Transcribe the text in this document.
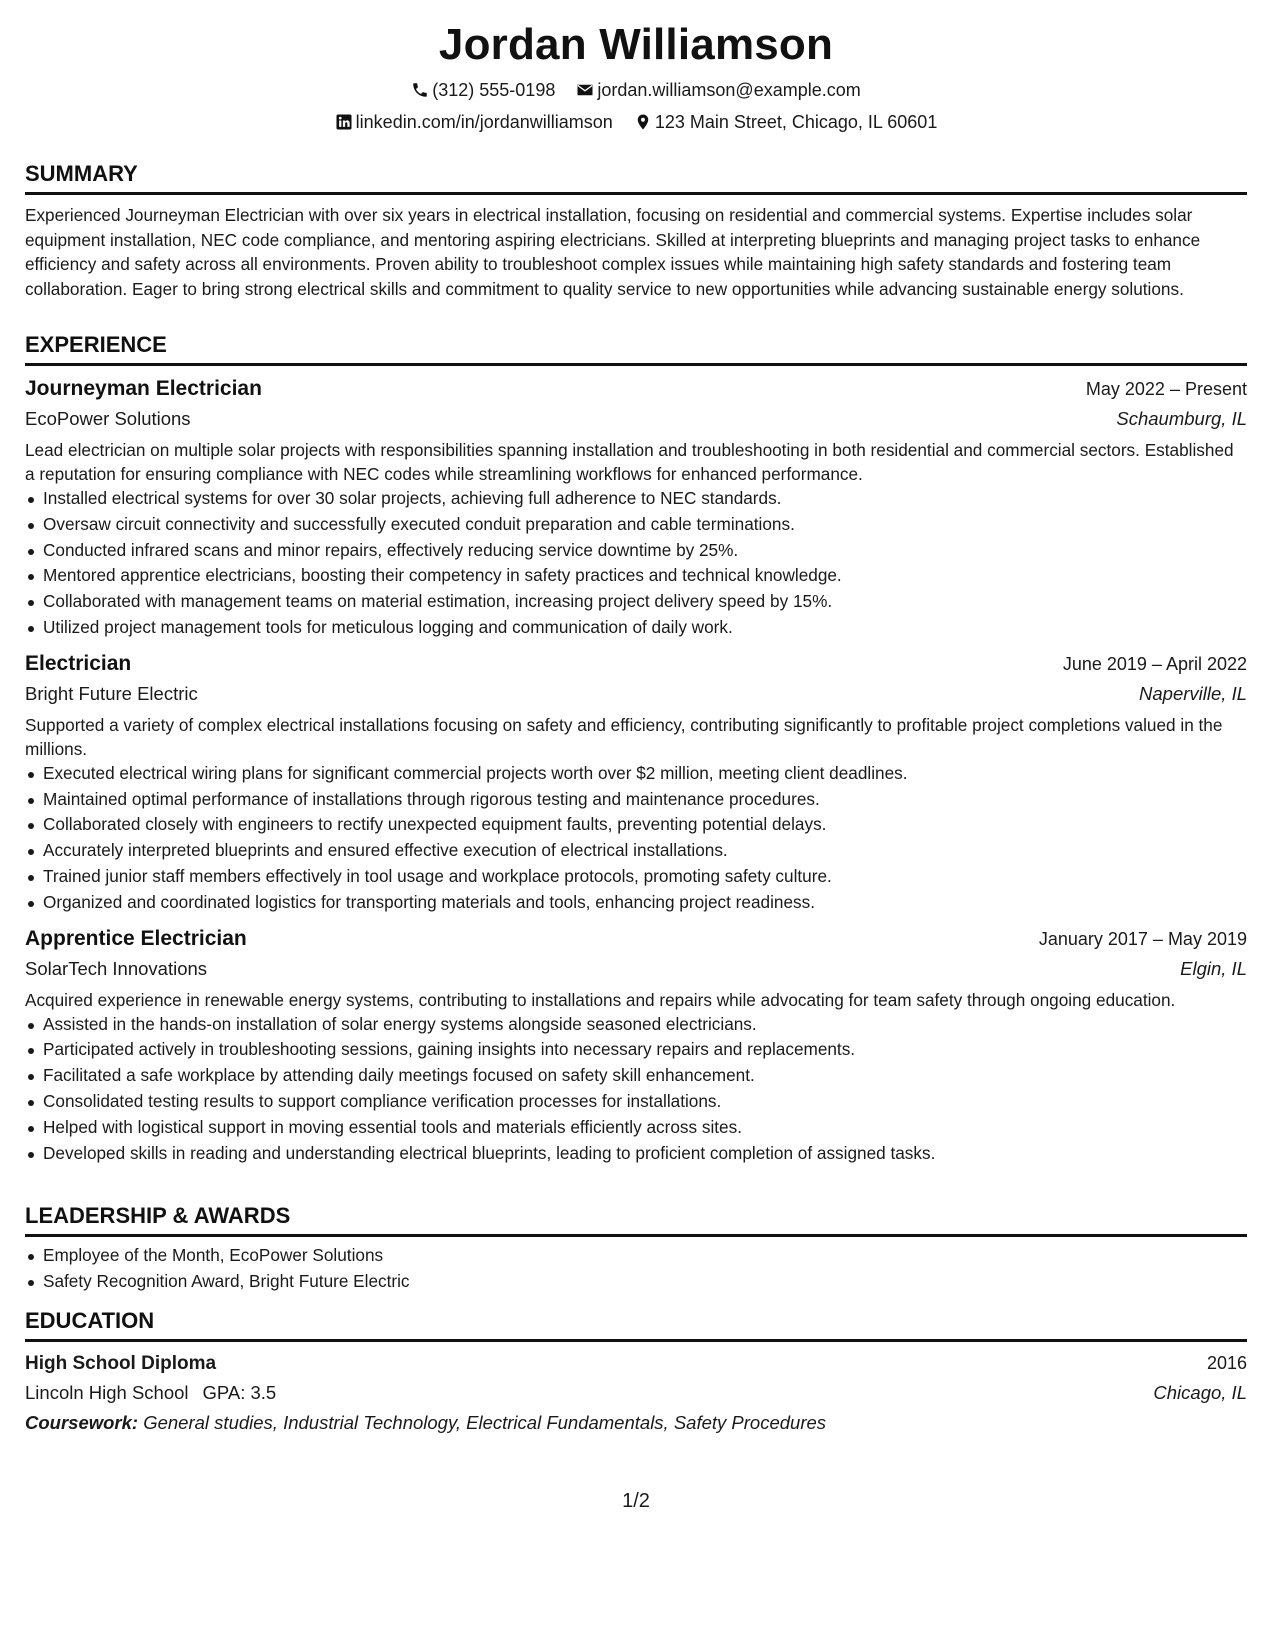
Jordan Williamson
(312) 555-0198 jordan.williamson@example.com
linkedin.com/in/jordanwilliamson 123 Main Street, Chicago, IL 60601
SUMMARY
Experienced Journeyman Electrician with over six years in electrical installation, focusing on residential and commercial systems. Expertise includes solar equipment installation, NEC code compliance, and mentoring aspiring electricians. Skilled at interpreting blueprints and managing project tasks to enhance efficiency and safety across all environments. Proven ability to troubleshoot complex issues while maintaining high safety standards and fostering team collaboration. Eager to bring strong electrical skills and commitment to quality service to new opportunities while advancing sustainable energy solutions.
EXPERIENCE
Journeyman Electrician	May 2022 – Present
EcoPower Solutions	Schaumburg, IL
Lead electrician on multiple solar projects with responsibilities spanning installation and troubleshooting in both residential and commercial sectors. Established a reputation for ensuring compliance with NEC codes while streamlining workflows for enhanced performance.
Installed electrical systems for over 30 solar projects, achieving full adherence to NEC standards.
Oversaw circuit connectivity and successfully executed conduit preparation and cable terminations.
Conducted infrared scans and minor repairs, effectively reducing service downtime by 25%.
Mentored apprentice electricians, boosting their competency in safety practices and technical knowledge.
Collaborated with management teams on material estimation, increasing project delivery speed by 15%.
Utilized project management tools for meticulous logging and communication of daily work.
Electrician	June 2019 – April 2022
Bright Future Electric	Naperville, IL
Supported a variety of complex electrical installations focusing on safety and efficiency, contributing significantly to profitable project completions valued in the millions.
Executed electrical wiring plans for significant commercial projects worth over $2 million, meeting client deadlines.
Maintained optimal performance of installations through rigorous testing and maintenance procedures.
Collaborated closely with engineers to rectify unexpected equipment faults, preventing potential delays.
Accurately interpreted blueprints and ensured effective execution of electrical installations.
Trained junior staff members effectively in tool usage and workplace protocols, promoting safety culture.
Organized and coordinated logistics for transporting materials and tools, enhancing project readiness.
Apprentice Electrician	January 2017 – May 2019
SolarTech Innovations	Elgin, IL
Acquired experience in renewable energy systems, contributing to installations and repairs while advocating for team safety through ongoing education.
Assisted in the hands-on installation of solar energy systems alongside seasoned electricians.
Participated actively in troubleshooting sessions, gaining insights into necessary repairs and replacements.
Facilitated a safe workplace by attending daily meetings focused on safety skill enhancement.
Consolidated testing results to support compliance verification processes for installations.
Helped with logistical support in moving essential tools and materials efficiently across sites.
Developed skills in reading and understanding electrical blueprints, leading to proficient completion of assigned tasks.
LEADERSHIP & AWARDS
Employee of the Month, EcoPower Solutions
Safety Recognition Award, Bright Future Electric
EDUCATION
High School Diploma	2016
Lincoln High School GPA: 3.5	Chicago, IL
Coursework: General studies, Industrial Technology, Electrical Fundamentals, Safety Procedures
1/2
